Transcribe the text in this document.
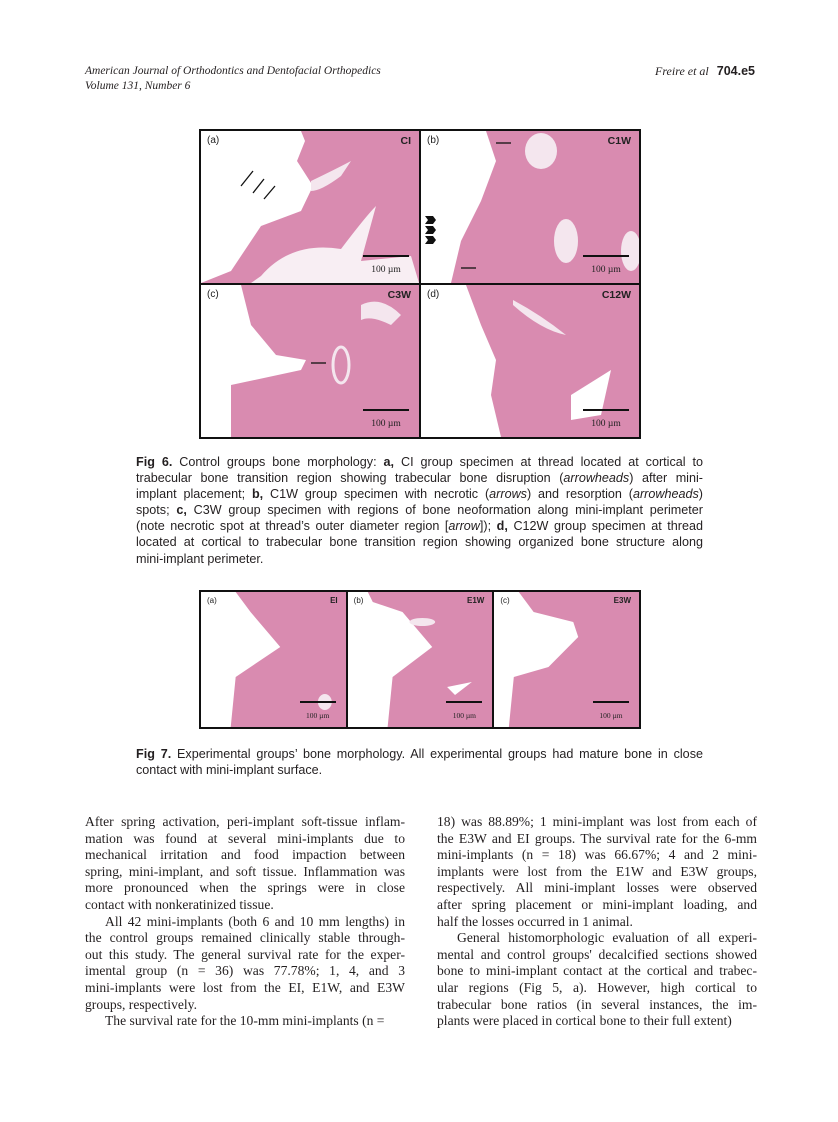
American Journal of Orthodontics and Dentofacial Orthopedics
Volume 131, Number 6
Freire et al 704.e5
(a)	CI
100 µm
(b)	C1W
100 µm
(c)	C3W
100 µm
(d)	C12W
100 µm
Fig 6. Control groups bone morphology: a, CI group specimen at thread located at cortical to
trabecular bone transition region showing trabecular bone disruption (arrowheads) after mini-
implant placement; b, C1W group specimen with necrotic (arrows) and resorption (arrowheads)
spots; c, C3W group specimen with regions of bone neoformation along mini-implant perimeter
(note necrotic spot at thread’s outer diameter region [arrow]); d, C12W group specimen at thread
located at cortical to trabecular bone transition region showing organized bone structure along
mini-implant perimeter.
(a)	EI
100 µm
(b)	E1W
100 µm
(c)	E3W
100 µm
Fig 7. Experimental groups’ bone morphology. All experimental groups had mature bone in close
contact with mini-implant surface.
After spring activation, peri-implant soft-tissue inflam-
mation was found at several mini-implants due to
mechanical irritation and food impaction between
spring, mini-implant, and soft tissue. Inflammation was
more pronounced when the springs were in close
contact with nonkeratinized tissue.
All 42 mini-implants (both 6 and 10 mm lengths) in
the control groups remained clinically stable through-
out this study. The general survival rate for the exper-
imental group (n = 36) was 77.78%; 1, 4, and 3
mini-implants were lost from the EI, E1W, and E3W
groups, respectively.
The survival rate for the 10-mm mini-implants (n =
18) was 88.89%; 1 mini-implant was lost from each of
the E3W and EI groups. The survival rate for the 6-mm
mini-implants (n = 18) was 66.67%; 4 and 2 mini-
implants were lost from the E1W and E3W groups,
respectively. All mini-implant losses were observed
after spring placement or mini-implant loading, and
half the losses occurred in 1 animal.
General histomorphologic evaluation of all experi-
mental and control groups' decalcified sections showed
bone to mini-implant contact at the cortical and trabec-
ular regions (Fig 5, a). However, high cortical to
trabecular bone ratios (in several instances, the im-
plants were placed in cortical bone to their full extent)
